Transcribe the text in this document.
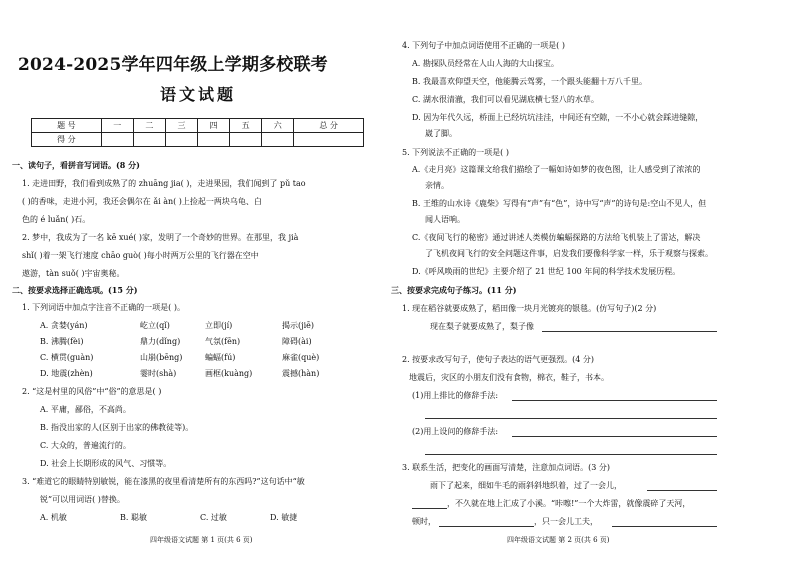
2024-2025学年四年级上学期多校联考
语文试题
题 号	一	二	三	四	五	六	总 分
得 分							
一、读句子，看拼音写词语。(8 分)
1. 走进田野，我们看到成熟了的 zhuāng jia( )，走进果园，我们闻到了 pǔ tao
( )的香味，走进小河，我还会偶尔在 ǎi àn( )上捡起一两块乌龟、白
色的 é luǎn( )石。
2. 梦中，我成为了一名 kē xué( )家，发明了一个奇妙的世界。在那里，我 jià
shǐ( )着一架飞行速度 chāo guò( )每小时两万公里的飞行器在空中
遨游，tàn suǒ( )宇宙奥秘。
二、按要求选择正确选项。(15 分)
1. 下列词语中加点字注音不正确的一项是( )。
A. 贪婪(yán)	屹立(qǐ)	立即(jí)	揭示(jiē)
B. 沸腾(fèi)	鼎力(dǐng)	气氛(fēn)	障碍(ài)
C. 横贯(guàn)	山崩(bēng)	蝙蝠(fú)	麻雀(què)
D. 地震(zhèn)	霎时(shà)	画框(kuàng)	震撼(hàn)
2. “这是村里的风俗”中“俗”的意思是( )
A. 平庸，鄙俗，不高尚。
B. 指没出家的人(区别于出家的佛教徒等)。
C. 大众的，普遍流行的。
D. 社会上长期形成的风气、习惯等。
3. “难道它的眼睛特别敏锐，能在漆黑的夜里看清楚所有的东西吗?”这句话中“敏
锐”可以用词语( )替换。
A. 机敏	B. 聪敏	C. 过敏	D. 敏捷
四年级语文试题 第 1 页(共 6 页)
4. 下列句子中加点词语使用不正确的一项是( )
A. 勘探队员经常在人山人海的大山探宝。
B. 我最喜欢仰望天空，他能腾云驾雾，一个跟头能翻十万八千里。
C. 湖水很清澈，我们可以看见湖底横七竖八的水草。
D. 因为年代久远，桥面上已经坑坑洼洼，中间还有空隙，一不小心就会踩进缝隙，
崴了脚。
5. 下列说法不正确的一项是( )
A.《走月亮》这篇课文给我们描绘了一幅如诗如梦的夜色图，让人感受到了浓浓的
亲情。
B. 王维的山水诗《鹿柴》写得有“声”有“色”，诗中写“声”的诗句是:空山不见人，但
闻人语响。
C.《夜间飞行的秘密》通过讲述人类模仿蝙蝠探路的方法给飞机装上了雷达，解决
了飞机夜间飞行的安全问题这件事，启发我们要像科学家一样，乐于观察与探索。
D.《呼风唤雨的世纪》主要介绍了 21 世纪 100 年间的科学技术发展历程。
三、按要求完成句子练习。(11 分)
1. 现在稻谷就要成熟了，稻田像一块月光镀亮的银毯。(仿写句子)(2 分)
现在梨子就要成熟了，梨子像
2. 按要求改写句子，使句子表达的语气更强烈。(4 分)
地震后，灾区的小朋友们没有食物，棉衣，鞋子，书本。
(1)用上排比的修辞手法:
(2)用上设问的修辞手法:
3. 联系生活，把变化的画面写清楚，注意加点词语。(3 分)
雨下了起来，细如牛毛的雨斜斜地织着，过了一会儿，
，不久就在地上汇成了小溪。“咔嚓!”一个大炸雷，就像震碎了天河，
顿时，	，只一会儿工夫，
四年级语文试题 第 2 页(共 6 页)
